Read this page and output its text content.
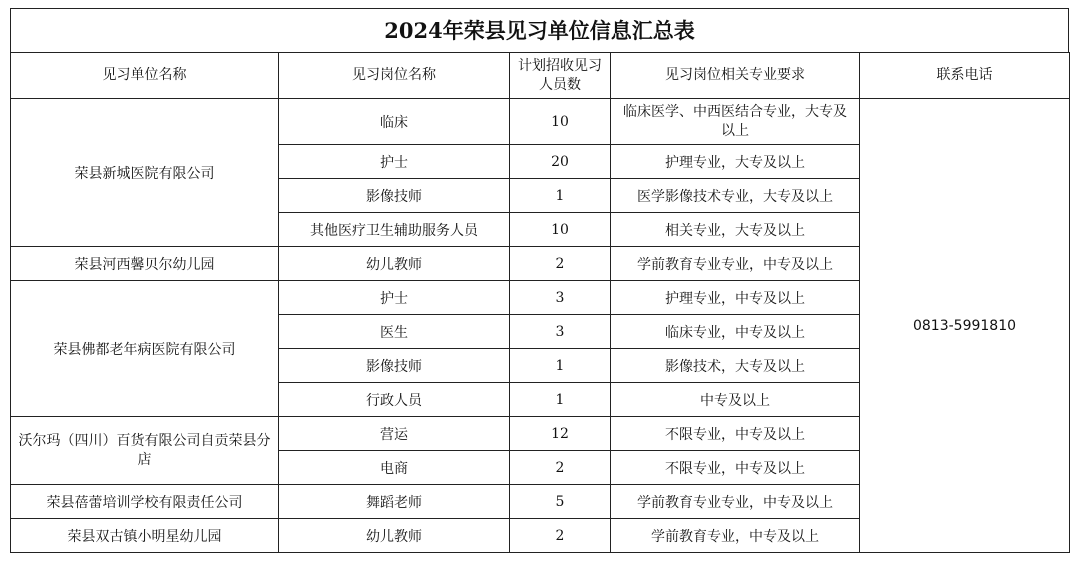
2024年荣县见习单位信息汇总表
见习单位名称	见习岗位名称	计划招收见习人员数	见习岗位相关专业要求	联系电话
荣县新城医院有限公司	临床	10	临床医学、中西医结合专业，大专及以上	0813-5991810
	护士	20	护理专业，大专及以上	
	影像技师	1	医学影像技术专业，大专及以上	
	其他医疗卫生辅助服务人员	10	相关专业，大专及以上	
荣县河西馨贝尔幼儿园	幼儿教师	2	学前教育专业专业，中专及以上	
荣县佛都老年病医院有限公司	护士	3	护理专业，中专及以上	
	医生	3	临床专业，中专及以上	
	影像技师	1	影像技术，大专及以上	
	行政人员	1	中专及以上	
沃尔玛（四川）百货有限公司自贡荣县分店	营运	12	不限专业，中专及以上	
	电商	2	不限专业，中专及以上	
荣县蓓蕾培训学校有限责任公司	舞蹈老师	5	学前教育专业专业，中专及以上	
荣县双古镇小明星幼儿园	幼儿教师	2	学前教育专业，中专及以上	
